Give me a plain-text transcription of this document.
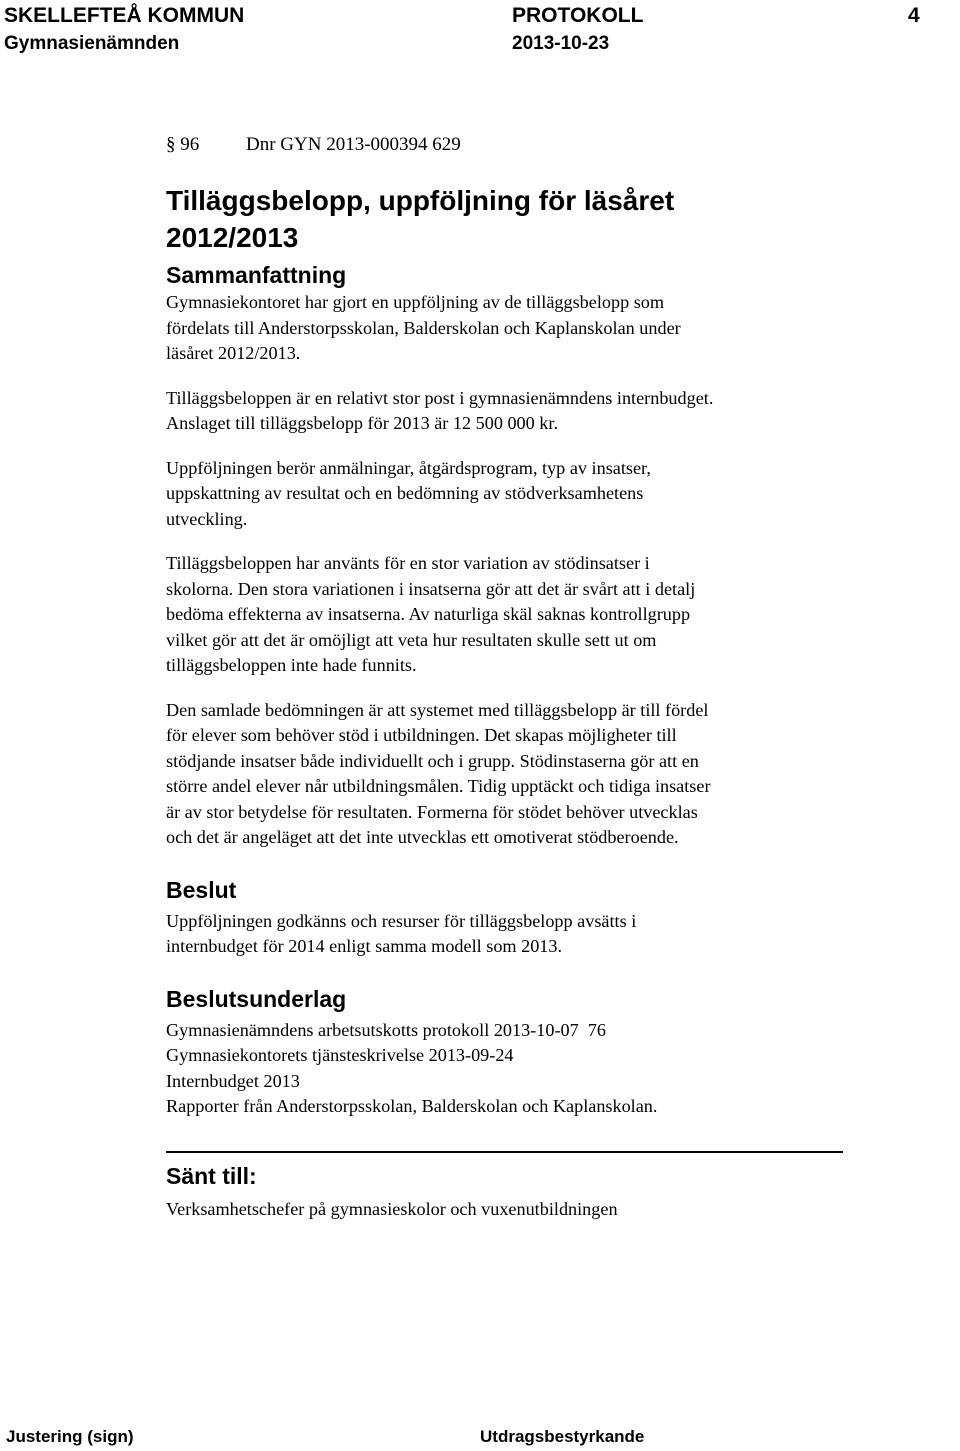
SKELLEFTEÅ KOMMUN	PROTOKOLL	4
Gymnasienämnden	2013-10-23
§ 96	Dnr GYN 2013-000394 629
Tilläggsbelopp, uppföljning för läsåret
2012/2013
Sammanfattning
Gymnasiekontoret har gjort en uppföljning av de tilläggsbelopp som
fördelats till Anderstorpsskolan, Balderskolan och Kaplanskolan under
läsåret 2012/2013.
Tilläggsbeloppen är en relativt stor post i gymnasienämndens internbudget.
Anslaget till tilläggsbelopp för 2013 är 12 500 000 kr.
Uppföljningen berör anmälningar, åtgärdsprogram, typ av insatser,
uppskattning av resultat och en bedömning av stödverksamhetens
utveckling.
Tilläggsbeloppen har använts för en stor variation av stödinsatser i
skolorna. Den stora variationen i insatserna gör att det är svårt att i detalj
bedöma effekterna av insatserna. Av naturliga skäl saknas kontrollgrupp
vilket gör att det är omöjligt att veta hur resultaten skulle sett ut om
tilläggsbeloppen inte hade funnits.
Den samlade bedömningen är att systemet med tilläggsbelopp är till fördel
för elever som behöver stöd i utbildningen. Det skapas möjligheter till
stödjande insatser både individuellt och i grupp. Stödinstaserna gör att en
större andel elever når utbildningsmålen. Tidig upptäckt och tidiga insatser
är av stor betydelse för resultaten. Formerna för stödet behöver utvecklas
och det är angeläget att det inte utvecklas ett omotiverat stödberoende.
Beslut
Uppföljningen godkänns och resurser för tilläggsbelopp avsätts i
internbudget för 2014 enligt samma modell som 2013.
Beslutsunderlag
Gymnasienämndens arbetsutskotts protokoll 2013-10-07  76
Gymnasiekontorets tjänsteskrivelse 2013-09-24
Internbudget 2013
Rapporter från Anderstorpsskolan, Balderskolan och Kaplanskolan.
Sänt till:
Verksamhetschefer på gymnasieskolor och vuxenutbildningen
Justering (sign)	Utdragsbestyrkande
